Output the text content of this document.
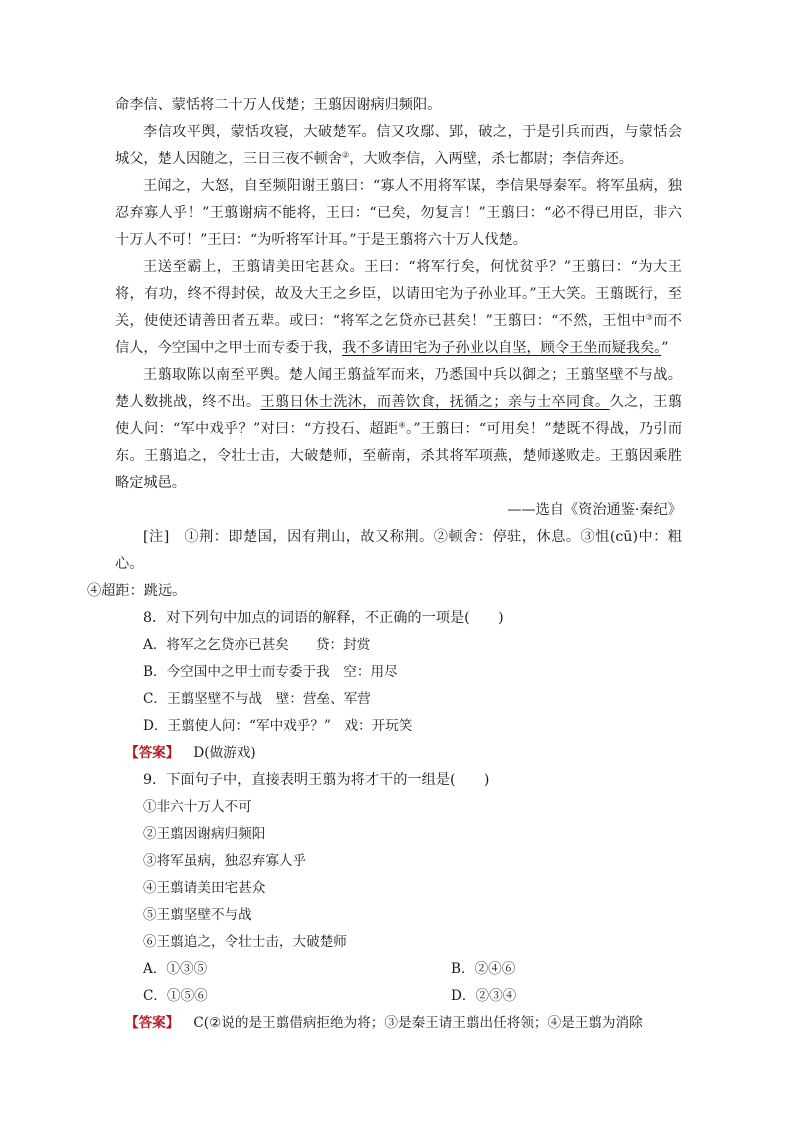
命李信、蒙恬将二十万人伐楚；王翦因谢病归频阳。

李信攻平舆，蒙恬攻寝，大破楚军。信又攻鄢、郢，破之，于是引兵而西，与蒙恬会城父，楚人因随之，三日三夜不顿舍②，大败李信，入两壁，杀七都尉；李信奔还。

王闻之，大怒，自至频阳谢王翦曰：“寡人不用将军谋，李信果辱秦军。将军虽病，独忍弃寡人乎！”王翦谢病不能将，王曰：“已矣，勿复言！”王翦曰：“必不得已用臣，非六十万人不可！”王曰：“为听将军计耳。”于是王翦将六十万人伐楚。

王送至霸上，王翦请美田宅甚众。王曰：“将军行矣，何忧贫乎？”王翦曰：“为大王将，有功，终不得封侯，故及大王之乡臣，以请田宅为子孙业耳。”王大笑。王翦既行，至关，使使还请善田者五辈。或曰：“将军之乞贷亦已甚矣！”王翦曰：“不然，王怚中③而不信人，今空国中之甲士而专委于我，我不多请田宅为子孙业以自坚，顾令王坐而疑我矣。”

王翦取陈以南至平舆。楚人闻王翦益军而来，乃悉国中兵以御之；王翦坚壁不与战。楚人数挑战，终不出。王翦日休士洗沐，而善饮食，抚循之；亲与士卒同食。久之，王翦使人问：“军中戏乎？”对曰：“方投石、超距④。”王翦曰：“可用矣！”楚既不得战，乃引而东。王翦追之，令壮士击，大破楚师，至蕲南，杀其将军项燕，楚师遂败走。王翦因乘胜略定城邑。

——选自《资治通鉴·秦纪》

[注]　①荆：即楚国，因有荆山，故又称荆。②顿舍：停驻，休息。③怚(cū)中：粗心。
④超距：跳远。

8．对下列句中加点的词语的解释，不正确的一项是(　　)

A．将军之乞贷亦已甚矣　　贷：封赏

B．今空国中之甲士而专委于我　空：用尽

C．王翦坚壁不与战　壁：营垒、军营

D．王翦使人问：“军中戏乎？”　戏：开玩笑

【答案】 D(做游戏)

9．下面句子中，直接表明王翦为将才干的一组是(　　)

①非六十万人不可

②王翦因谢病归频阳

③将军虽病，独忍弃寡人乎

④王翦请美田宅甚众

⑤王翦坚壁不与战

⑥王翦追之，令壮士击，大破楚师

A．①③⑤	B．②④⑥
C．①⑤⑥	D．②③④

【答案】 C(②说的是王翦借病拒绝为将；③是秦王请王翦出任将领；④是王翦为消除
